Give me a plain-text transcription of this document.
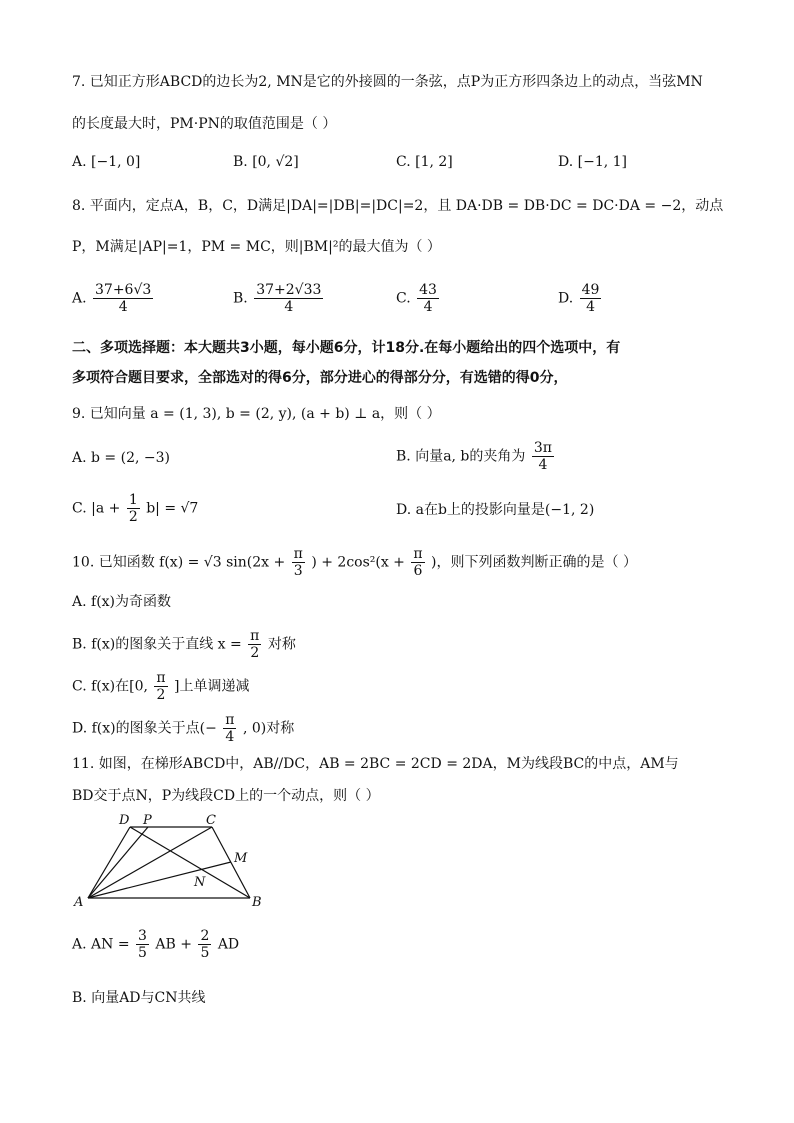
7. 已知正方形ABCD的边长为2, MN是它的外接圆的一条弦，点P为正方形四条边上的动点，当弦MN
的长度最大时，PM·PN的取值范围是（ ）
A. [−1, 0]	B. [0, √2]	C. [1, 2]	D. [−1, 1]
8. 平面内，定点A，B，C，D满足|DA|=|DB|=|DC|=2，且 DA·DB = DB·DC = DC·DA = −2，动点
P，M满足|AP|=1，PM = MC，则|BM|²的最大值为（ ）
A. $\frac{37+6√3}{4}$	B. $\frac{37+2√33}{4}$	C. $\frac{43}{4}$	D. $\frac{49}{4}$
二、多项选择题：本大题共3小题，每小题6分，计18分.在每小题给出的四个选项中，有
多项符合题目要求，全部选对的得6分，部分进心的得部分分，有选错的得0分，
9. 已知向量 a = (1, 3), b = (2, y), (a + b) ⊥ a，则（ ）
A. b = (2, −3)	B. 向量a, b的夹角为 $\frac{3\pi}{4}$
C. $|a + \frac{1}{2} b| = √7$	D. a在b上的投影向量是(−1, 2)
10. 已知函数 f(x) = √3 $\sin(2x + \frac{\pi}{3}$ ) + $2\cos^2(x + \frac{\pi}{6}$ )，则下列函数判断正确的是（ ）
A. f(x)为奇函数
B. f(x)的图象关于直线 $x = \frac{\pi}{2}$ 对称
C. f(x)在[0, $\frac{\pi}{2}$ ]上单调递减
D. f(x)的图象关于点(− $\frac{\pi}{4}$ , 0)对称
11. 如图，在梯形ABCD中，AB//DC，AB = 2BC = 2CD = 2DA，M为线段BC的中点，AM与
BD交于点N，P为线段CD上的一个动点，则（ ）
D P	C
M
N
A	B
A. AN = $\frac{3}{5}$ AB + $\frac{2}{5}$ AD
B. 向量AD与CN共线
